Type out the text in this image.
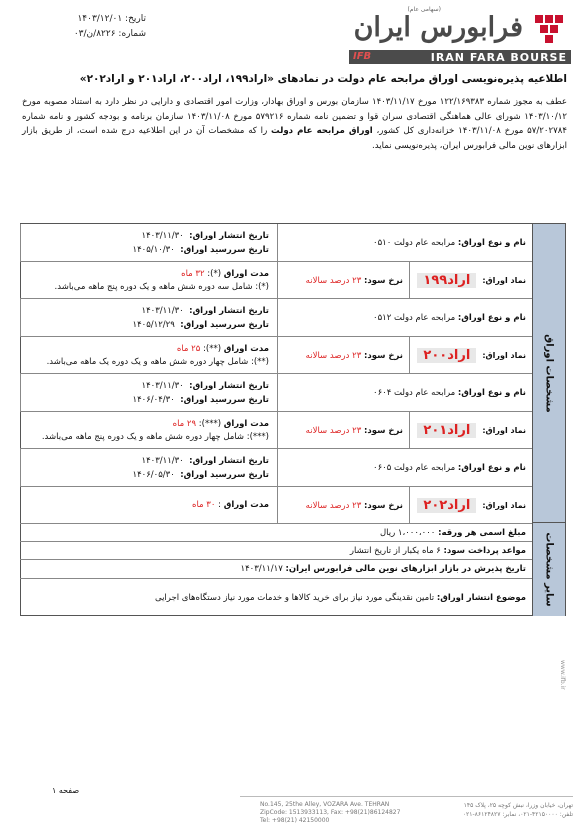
تاریخ: ۱۴۰۳/۱۲/۰۱
شماره: ۸۲۲۶/ن/۰۳
(سهامی عام)
فرابورس ایران
IFB	IRAN FARA BOURSE
اطلاعیه پذیره‌نویسی اوراق مرابحه عام دولت در نمادهای «اراد۱۹۹، اراد۲۰۰، اراد۲۰۱ و اراد۲۰۲»
عطف به مجوز شماره ۱۲۲/۱۶۹۳۸۳ مورخ ۱۴۰۳/۱۱/۱۷ سازمان بورس و اوراق بهادار، وزارت امور اقتصادی و دارایی در نظر دارد به استناد مصوبه مورخ ۱۴۰۳/۱۰/۱۲ شورای عالی هماهنگی اقتصادی سران قوا و تضمین نامه شماره ۵۷۹۲۱۶ مورخ ۱۴۰۳/۱۱/۰۸ سازمان برنامه و بودجه کشور و نامه شماره ۵۷/۲۰۲۷۸۴ مورخ ۱۴۰۳/۱۱/۰۸ خزانه‌داری کل کشور، اوراق مرابحه عام دولت را که مشخصات آن در این اطلاعیه درج شده است، از طریق بازار ابزارهای نوین مالی فرابورس ایران، پذیره‌نویسی نماید.
مشخصات اوراق
سایر مشخصات
نام و نوع اوراق:

مرابحه عام دولت ۰۵۱۰
تاریخ انتشار اوراق:  ۱۴۰۳/۱۱/۳۰
تاریخ سررسید اوراق:  ۱۴۰۵/۱۰/۳۰
نماد اوراق:
اراد۱۹۹
نرخ سود:

۲۳ درصد سالانه
مدت اوراق (*): ۳۲ ماه
(*): شامل سه دوره شش ماهه و یک دوره پنج ماهه می‌باشد.
نام و نوع اوراق:

مرابحه عام دولت ۰۵۱۲
تاریخ انتشار اوراق:  ۱۴۰۳/۱۱/۳۰
تاریخ سررسید اوراق:  ۱۴۰۵/۱۲/۲۹
نماد اوراق:
اراد۲۰۰
نرخ سود:

۲۳ درصد سالانه
مدت اوراق (**): ۲۵ ماه
(**): شامل چهار دوره شش ماهه و یک دوره یک ماهه می‌باشد.
نام و نوع اوراق:

مرابحه عام دولت ۰۶۰۴
تاریخ انتشار اوراق:  ۱۴۰۳/۱۱/۳۰
تاریخ سررسید اوراق:  ۱۴۰۶/۰۴/۳۰
نماد اوراق:
اراد۲۰۱
نرخ سود:

۲۳ درصد سالانه
مدت اوراق (***): ۲۹ ماه
(***): شامل چهار دوره شش ماهه و یک دوره پنج ماهه می‌باشد.
نام و نوع اوراق:

مرابحه عام دولت ۰۶۰۵
تاریخ انتشار اوراق:  ۱۴۰۳/۱۱/۳۰
تاریخ سررسید اوراق:  ۱۴۰۶/۰۵/۳۰
نماد اوراق:
اراد۲۰۲
نرخ سود:

۲۳ درصد سالانه
مدت اوراق : ۳۰ ماه
مبلغ اسمی هر ورقه:

۱،۰۰۰،۰۰۰ ریال
مواعد پرداخت سود:

۶ ماه یکبار از تاریخ انتشار
تاریخ پذیرش در بازار ابزارهای نوین مالی فرابورس ایران:

۱۴۰۳/۱۱/۱۷
موضوع انتشار اوراق:

تامین نقدینگی مورد نیاز برای خرید کالاها و خدمات مورد نیاز دستگاه‌های اجرایی
صفحه ۱
تهران، خیابان وزرا، نبش کوچه ۲۵، پلاک ۱۴۵
تلفن: ۴۲۱۵۰۰۰۰-۰۲۱، نمابر: ۸۶۱۲۴۸۲۷-۰۲۱
No.145, 25the Alley, VOZARA Ave. TEHRAN
ZipCode: 1513933113, Fax: +98(21)86124827
Tel: +98(21) 42150000
www.ifb.ir
